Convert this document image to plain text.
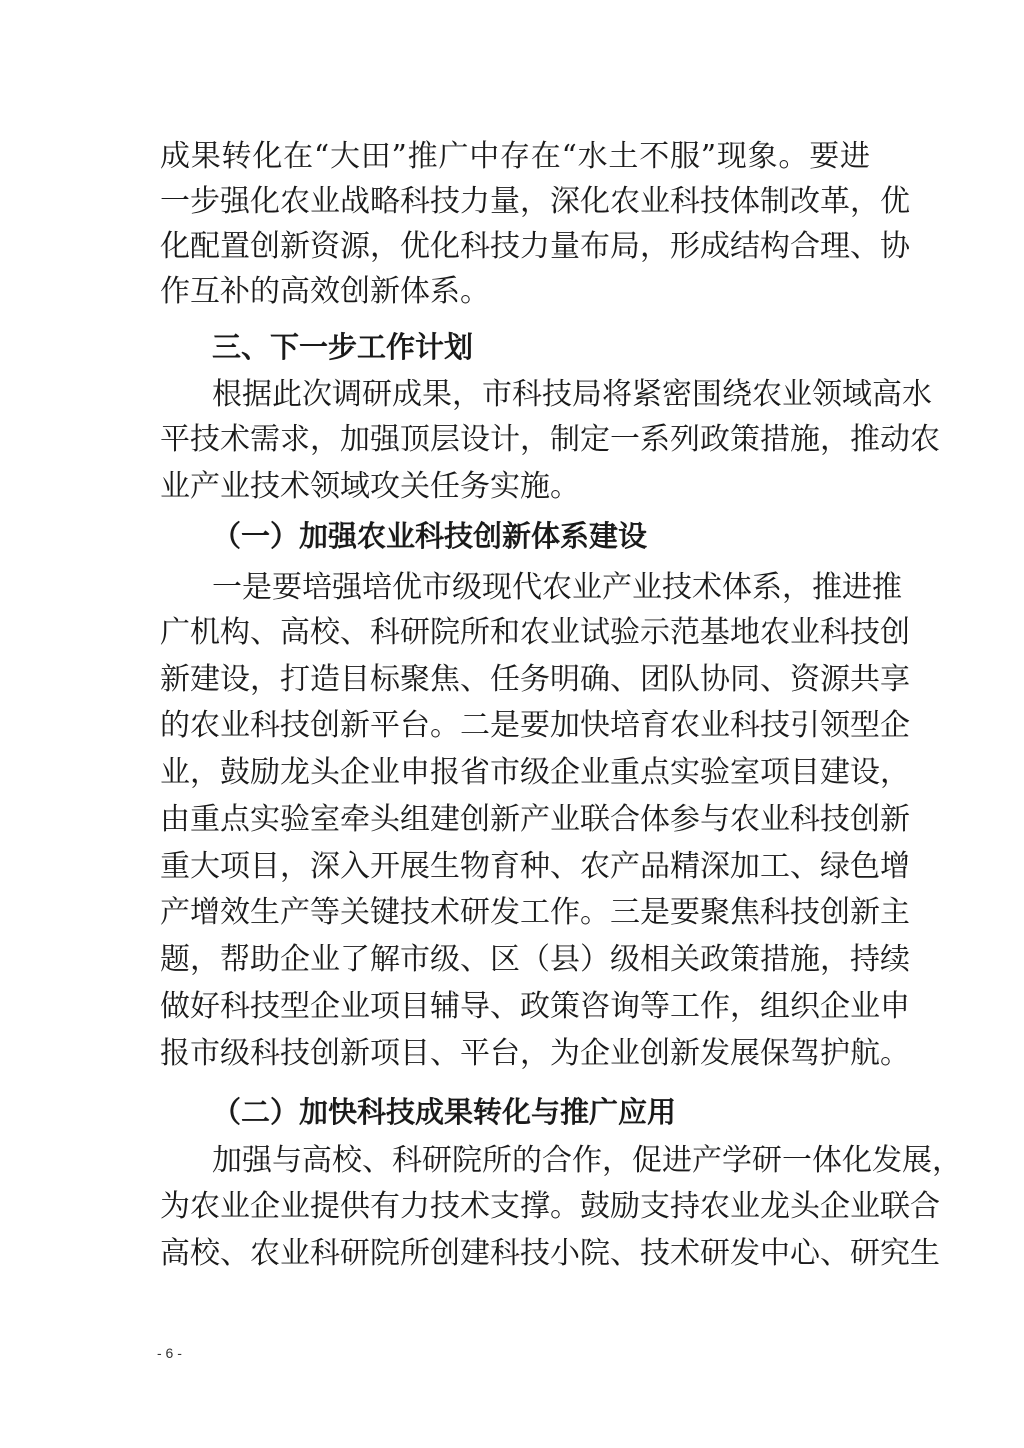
成果转化在“大田”推广中存在“水土不服”现象。要进
一步强化农业战略科技力量，深化农业科技体制改革，优
化配置创新资源，优化科技力量布局，形成结构合理、协
作互补的高效创新体系。
三、下一步工作计划
根据此次调研成果，市科技局将紧密围绕农业领域高水
平技术需求，加强顶层设计，制定一系列政策措施，推动农
业产业技术领域攻关任务实施。
（一）加强农业科技创新体系建设
一是要培强培优市级现代农业产业技术体系，推进推
广机构、高校、科研院所和农业试验示范基地农业科技创
新建设，打造目标聚焦、任务明确、团队协同、资源共享
的农业科技创新平台。二是要加快培育农业科技引领型企
业，鼓励龙头企业申报省市级企业重点实验室项目建设，
由重点实验室牵头组建创新产业联合体参与农业科技创新
重大项目，深入开展生物育种、农产品精深加工、绿色增
产增效生产等关键技术研发工作。三是要聚焦科技创新主
题，帮助企业了解市级、区（县）级相关政策措施，持续
做好科技型企业项目辅导、政策咨询等工作，组织企业申
报市级科技创新项目、平台，为企业创新发展保驾护航。
（二）加快科技成果转化与推广应用
加强与高校、科研院所的合作，促进产学研一体化发展，
为农业企业提供有力技术支撑。鼓励支持农业龙头企业联合
高校、农业科研院所创建科技小院、技术研发中心、研究生
- 6 -
